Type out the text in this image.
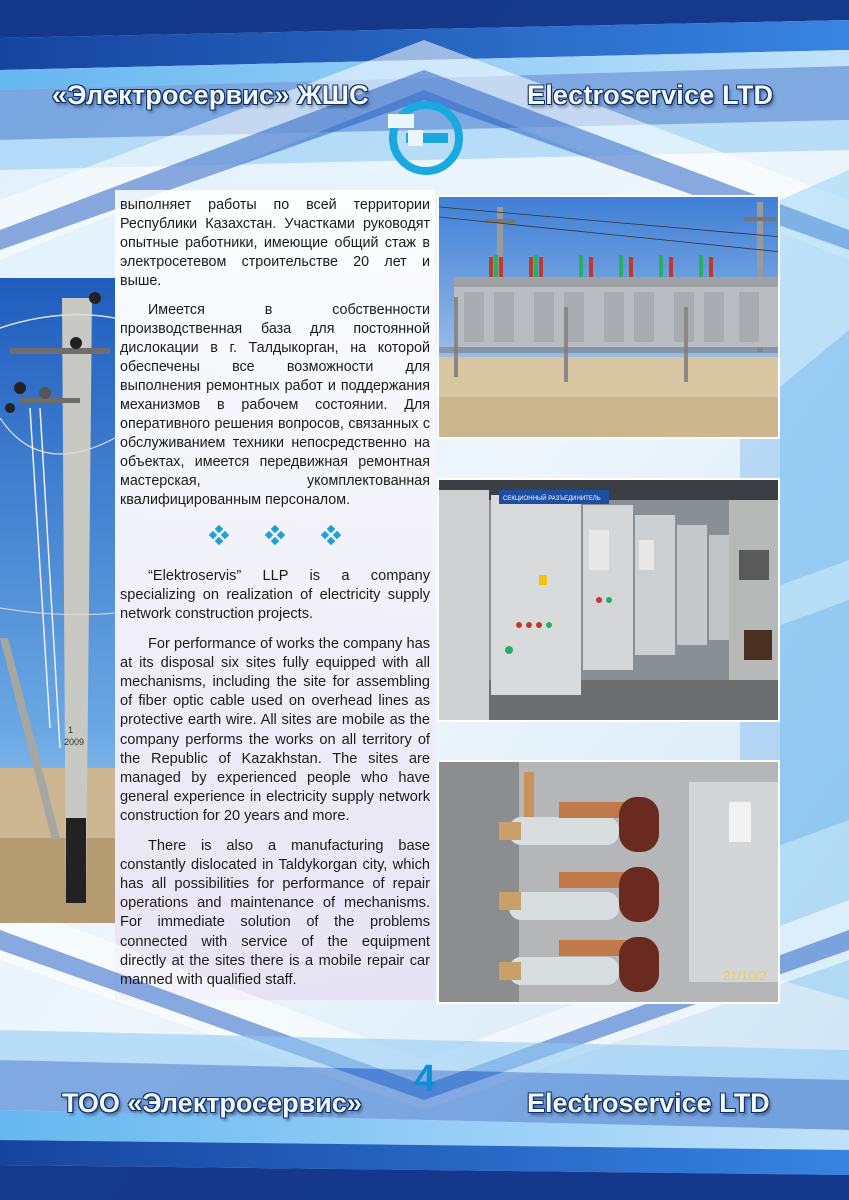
«Электросервис» ЖШС	Electroservice LTD
1
2009

выполняет работы по всей территории Республики Казахстан. Участками руководят опытные работники, имеющие общий стаж в электросетевом строительстве 20 лет и выше.

Имеется в собственности производственная база для постоянной дислокации в г. Талдыкорган, на которой обеспечены все возможности для выполнения ремонтных работ и поддержания механизмов в рабочем состоянии. Для оперативного решения вопросов, связанных с обслуживанием техники непосредственно на объектах, имеется передвижная ремонтная мастерская, укомплектованная квалифицированным персоналом.

“Elektroservis” LLP is a company specializing on realization of electricity supply network construction projects.

For performance of works the company has at its disposal six sites fully equipped with all mechanisms, including the site for assembling of fiber optic cable used on overhead lines as protective earth wire. All sites are mobile as the company performs the works on all territory of the Republic of Kazakhstan. The sites are managed by experienced people who have general experience in electricity supply network construction for 20 years and more.

There is also a manufacturing base constantly dislocated in Taldykorgan city, which has all possibilities for performance of repair operations and maintenance of mechanisms. For immediate solution of the problems connected with service of the equipment directly at the sites there is a mobile repair car manned with qualified staff.

СЕКЦИОННЫЙ РАЗЪЕДИНИТЕЛЬ
21/10/2
4
ТОО «Электросервис»	Electroservice LTD
